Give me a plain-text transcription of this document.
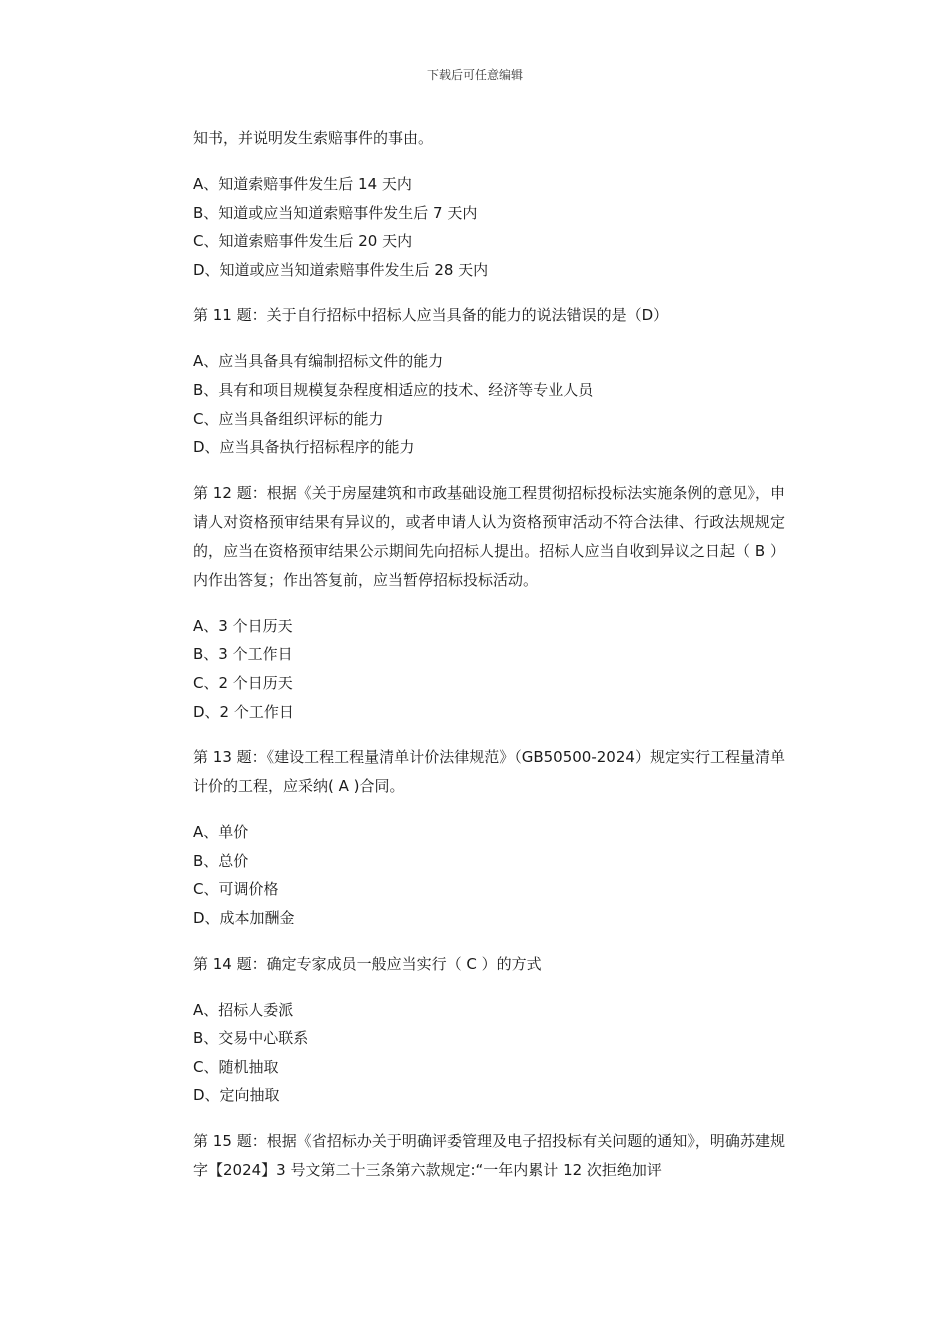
下载后可任意编辑

知书，并说明发生索赔事件的事由。

A、知道索赔事件发生后 14 天内

B、知道或应当知道索赔事件发生后 7 天内

C、知道索赔事件发生后 20 天内

D、知道或应当知道索赔事件发生后 28 天内

第 11 题：关于自行招标中招标人应当具备的能力的说法错误的是（D）

A、应当具备具有编制招标文件的能力

B、具有和项目规模复杂程度相适应的技术、经济等专业人员

C、应当具备组织评标的能力

D、应当具备执行招标程序的能力

第 12 题：根据《关于房屋建筑和市政基础设施工程贯彻招标投标法实施条例的意见》，申请人对资格预审结果有异议的，或者申请人认为资格预审活动不符合法律、行政法规规定的，应当在资格预审结果公示期间先向招标人提出。招标人应当自收到异议之日起（ B ）内作出答复；作出答复前，应当暂停招标投标活动。

A、3 个日历天

B、3 个工作日

C、2 个日历天

D、2 个工作日

第 13 题：《建设工程工程量清单计价法律规范》（GB50500-2024）规定实行工程量清单计价的工程，应采纳( A )合同。

A、单价

B、总价

C、可调价格

D、成本加酬金

第 14 题：确定专家成员一般应当实行（ C ）的方式

A、招标人委派

B、交易中心联系

C、随机抽取

D、定向抽取

第 15 题：根据《省招标办关于明确评委管理及电子招投标有关问题的通知》，明确苏建规字【2024】3 号文第二十三条第六款规定:“一年内累计 12 次拒绝加评
